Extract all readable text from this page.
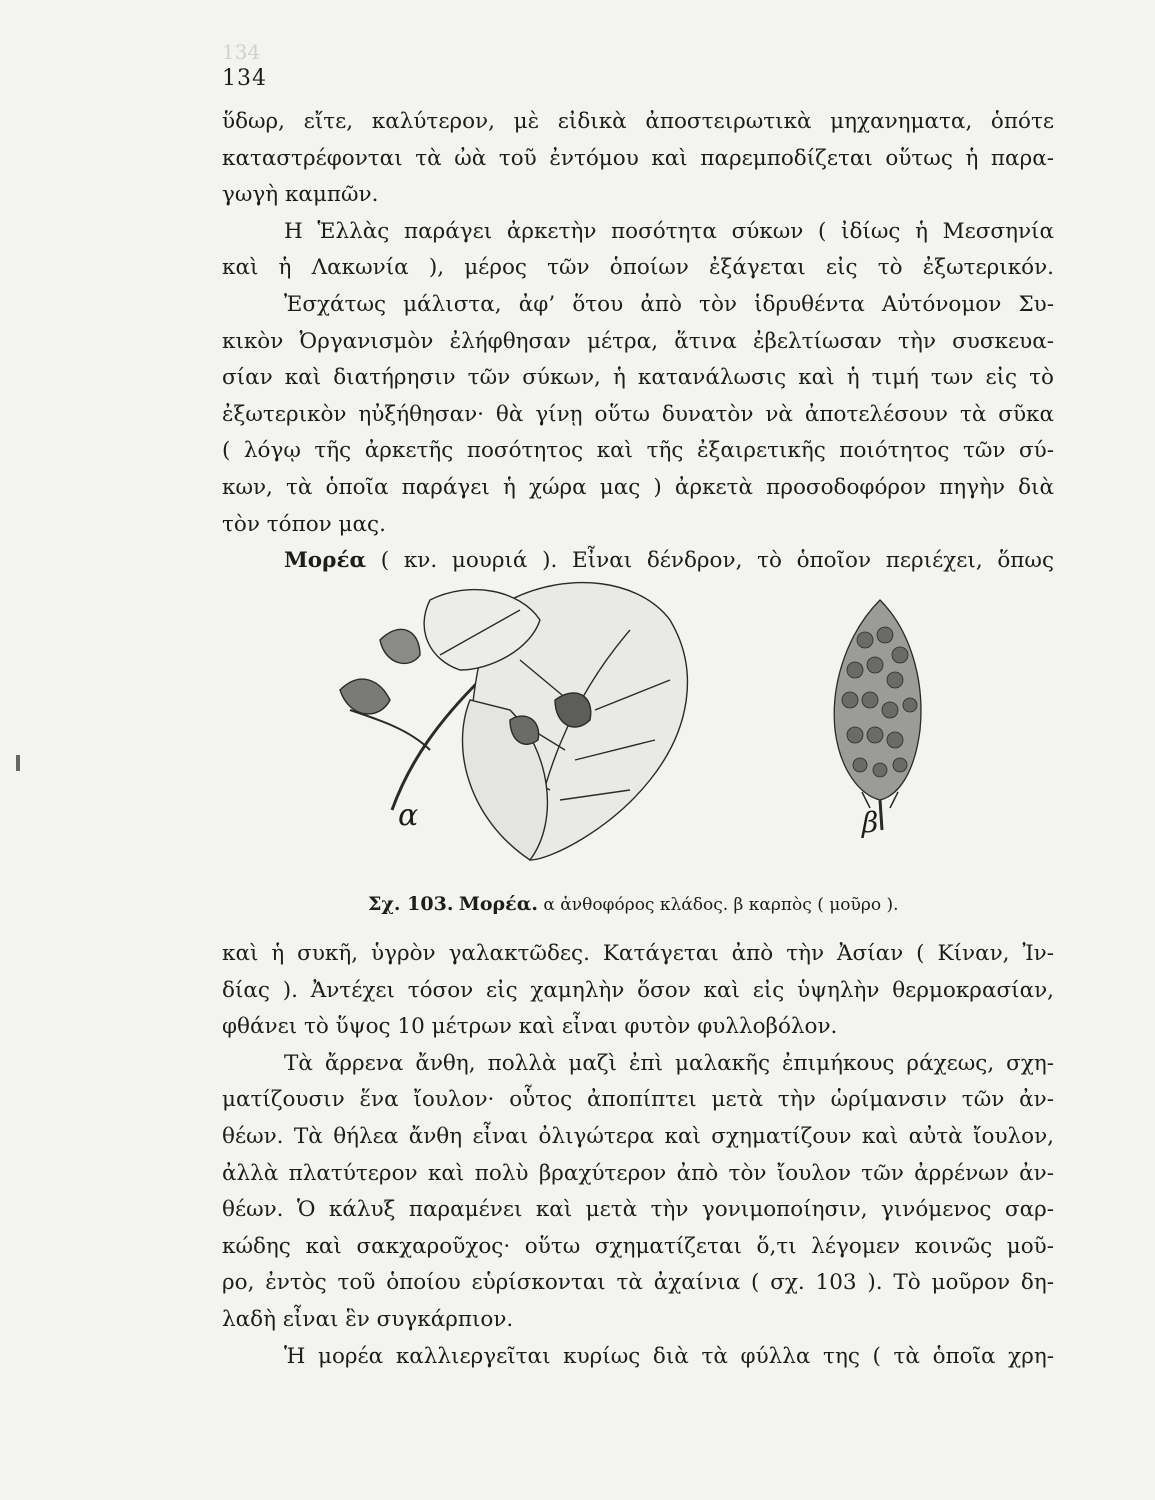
134
134
ὕδωρ, εἴτε, καλύτερον, μὲ εἰδικὰ ἀποστειρωτικὰ μηχανηματα, ὁπότε
καταστρέφονται τὰ ὠὰ τοῦ ἐντόμου καὶ παρεμποδίζεται οὕτως ἡ παρα-
γωγὴ καμπῶν.
Η Ἑλλὰς παράγει ἀρκετὴν ποσότητα σύκων ( ἰδίως ἡ Μεσσηνία
καὶ ἡ Λακωνία ), μέρος τῶν ὁποίων ἐξάγεται εἰς τὸ ἐξωτερικόν.
Ἐσχάτως μάλιστα, ἀφ’ ὅτου ἀπὸ τὸν ἱδρυθέντα Αὐτόνομον Συ-
κικὸν Ὀργανισμὸν ἐλήφθησαν μέτρα, ἅτινα ἐβελτίωσαν τὴν συσκευα-
σίαν καὶ διατήρησιν τῶν σύκων, ἡ κατανάλωσις καὶ ἡ τιμή των εἰς τὸ
ἐξωτερικὸν ηὐξήθησαν· θὰ γίνῃ οὕτω δυνατὸν νὰ ἀποτελέσουν τὰ σῦκα
( λόγῳ τῆς ἀρκετῆς ποσότητος καὶ τῆς ἐξαιρετικῆς ποιότητος τῶν σύ-
κων, τὰ ὁποῖα παράγει ἡ χώρα μας ) ἀρκετὰ προσοδοφόρον πηγὴν διὰ
τὸν τόπον μας.
Μορέα ( κν. μουριά ). Εἶναι δένδρον, τὸ ὁποῖον περιέχει, ὅπως
α	β
Σχ. 103. Μορέα. α ἀνθοφόρος κλάδος. β καρπὸς ( μοῦρο ).
καὶ ἡ συκῆ, ὑγρὸν γαλακτῶδες. Κατάγεται ἀπὸ τὴν Ἀσίαν ( Κίναν, Ἰν-
δίας ). Ἀντέχει τόσον εἰς χαμηλὴν ὅσον καὶ εἰς ὑψηλὴν θερμοκρασίαν,
φθάνει τὸ ὕψος 10 μέτρων καὶ εἶναι φυτὸν φυλλοβόλον.
Τὰ ἄρρενα ἄνθη, πολλὰ μαζὶ ἐπὶ μαλακῆς ἐπιμήκους ράχεως, σχη-
ματίζουσιν ἕνα ἴουλον· οὗτος ἀποπίπτει μετὰ τὴν ὡρίμανσιν τῶν ἀν-
θέων. Τὰ θήλεα ἄνθη εἶναι ὀλιγώτερα καὶ σχηματίζουν καὶ αὐτὰ ἴουλον,
ἀλλὰ πλατύτερον καὶ πολὺ βραχύτερον ἀπὸ τὸν ἴουλον τῶν ἀρρένων ἀν-
θέων. Ὁ κάλυξ παραμένει καὶ μετὰ τὴν γονιμοποίησιν, γινόμενος σαρ-
κώδης καὶ σακχαροῦχος· οὕτω σχηματίζεται ὅ,τι λέγομεν κοινῶς μοῦ-
ρο, ἐντὸς τοῦ ὁποίου εὑρίσκονται τὰ ἀχαίνια ( σχ. 103 ). Τὸ μοῦρον δη-
λαδὴ εἶναι ἓν συγκάρπιον.
Ἡ μορέα καλλιεργεῖται κυρίως διὰ τὰ φύλλα της ( τὰ ὁποῖα χρη-
